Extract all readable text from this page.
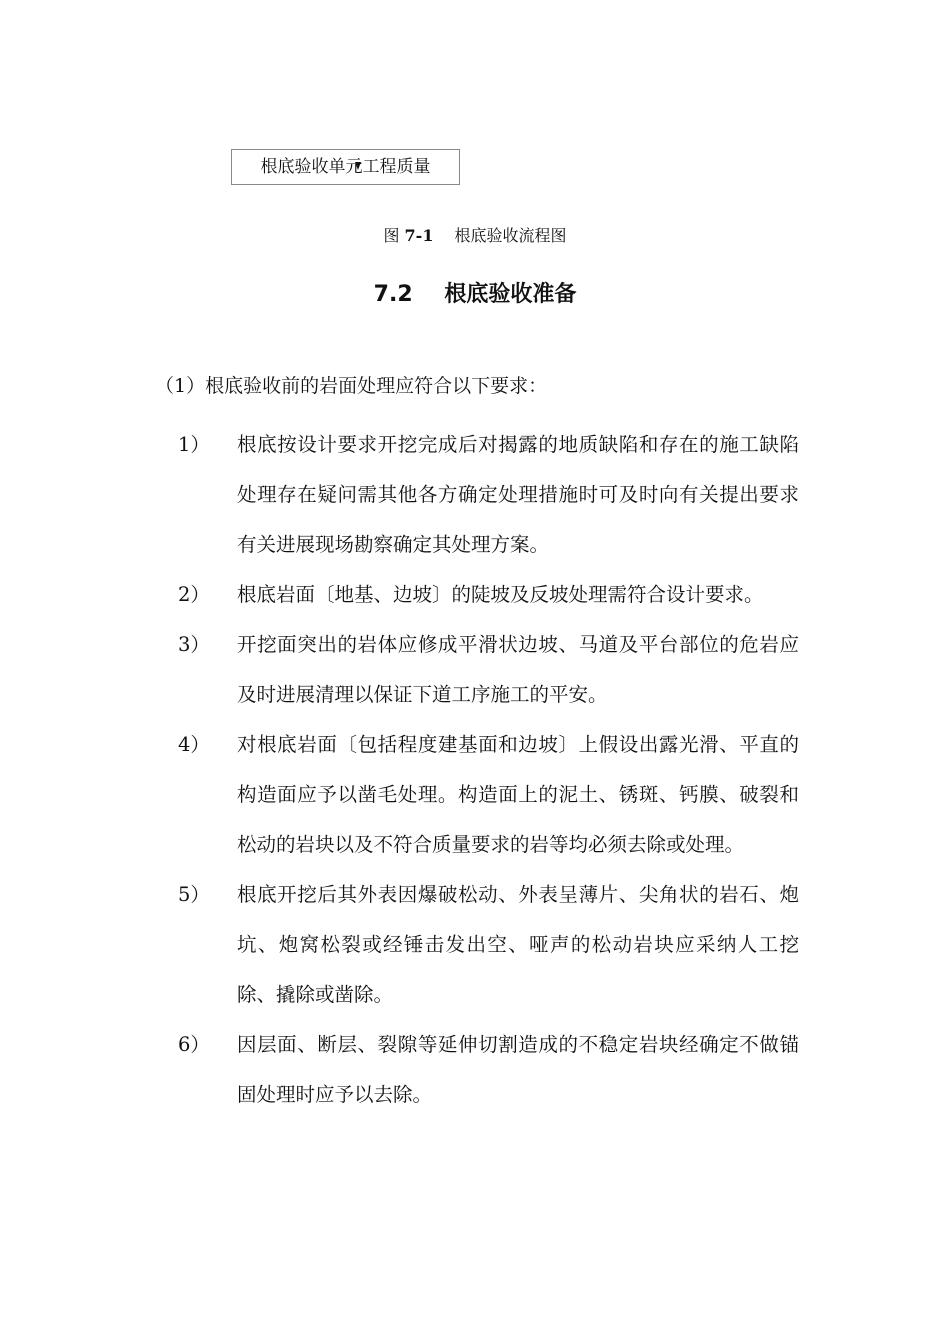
根底验收单元工程质量
图 7-1 根底验收流程图
7.2 根底验收准备
（1）根底验收前的岩面处理应符合以下要求：
1） 根底按设计要求开挖完成后对揭露的地质缺陷和存在的施工缺陷处理存在疑问需其他各方确定处理措施时可及时向有关提出要求有关进展现场勘察确定其处理方案。
2） 根底岩面〔地基、边坡〕的陡坡及反坡处理需符合设计要求。
3） 开挖面突出的岩体应修成平滑状边坡、马道及平台部位的危岩应及时进展清理以保证下道工序施工的平安。
4） 对根底岩面〔包括程度建基面和边坡〕上假设出露光滑、平直的构造面应予以凿毛处理。构造面上的泥土、锈斑、钙膜、破裂和松动的岩块以及不符合质量要求的岩等均必须去除或处理。
5） 根底开挖后其外表因爆破松动、外表呈薄片、尖角状的岩石、炮坑、炮窝松裂或经锤击发出空、哑声的松动岩块应采纳人工挖除、撬除或凿除。
6） 因层面、断层、裂隙等延伸切割造成的不稳定岩块经确定不做锚固处理时应予以去除。
